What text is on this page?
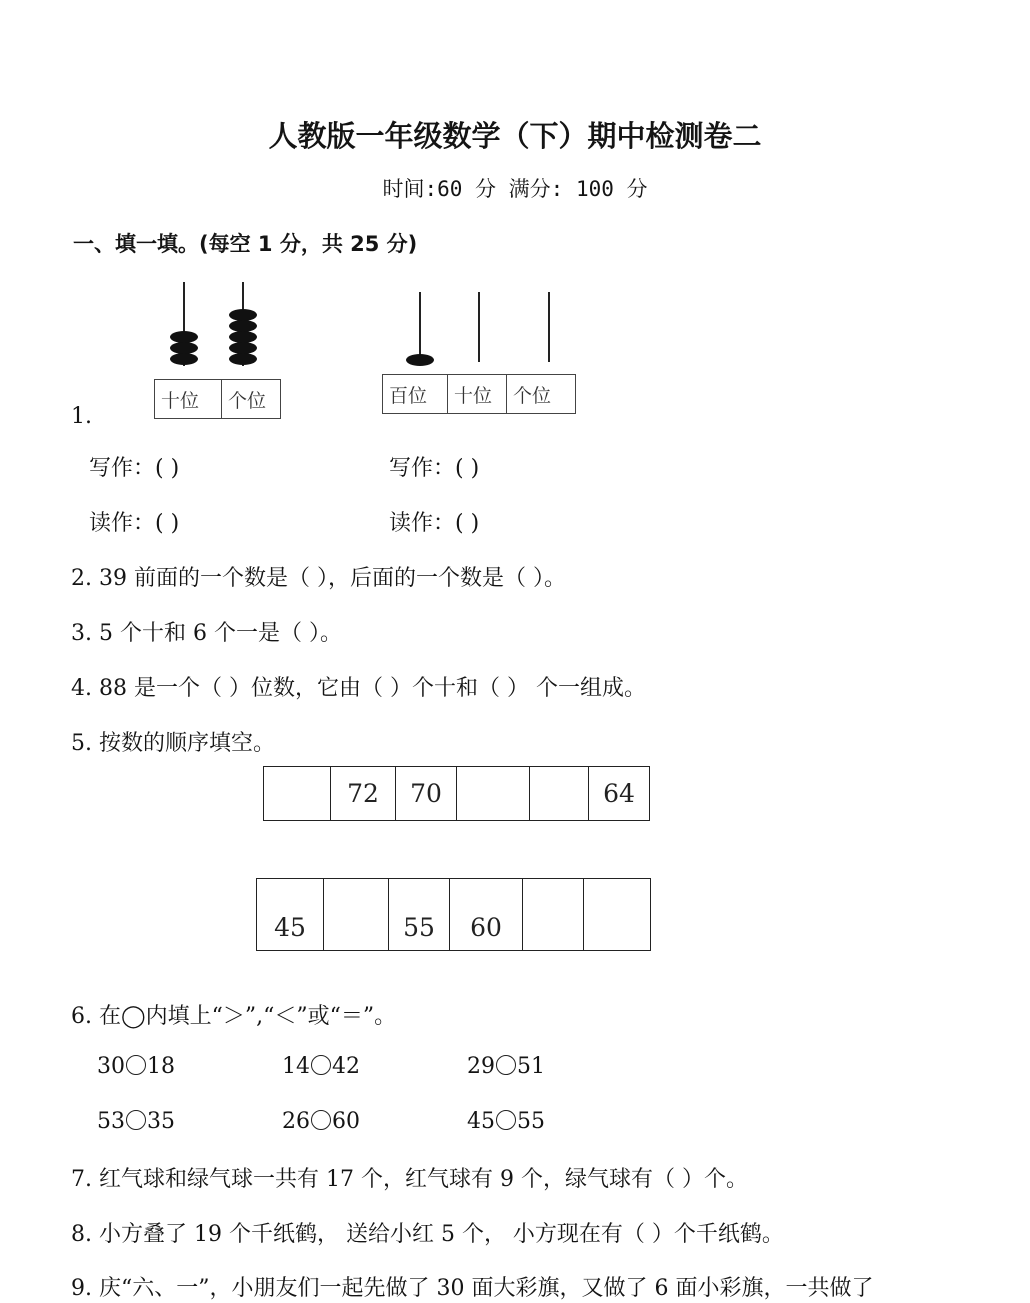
人教版一年级数学（下）期中检测卷二
时间:60 分 满分: 100 分
一、填一填。(每空 1 分，共 25 分)
十位	个位	百位	十位	个位
1.
写作：( )
读作：( )
写作：( )
读作：( )
2. 39 前面的一个数是（ ），后面的一个数是（ ）。
3. 5 个十和 6 个一是（ ）。
4. 88 是一个（ ）位数，它由（ ）个十和（ ） 个一组成。
5. 按数的顺序填空。
	72	70			64
45		55	60		
6. 在◯内填上“＞”,“＜”或“＝”。
30 18	14 42	29 51
53 35	26 60	45 55
7. 红气球和绿气球一共有 17 个，红气球有 9 个，绿气球有（ ）个。
8. 小方叠了 19 个千纸鹤， 送给小红 5 个， 小方现在有（ ）个千纸鹤。
9. 庆“六、一”，小朋友们一起先做了 30 面大彩旗，又做了 6 面小彩旗，一共做了
